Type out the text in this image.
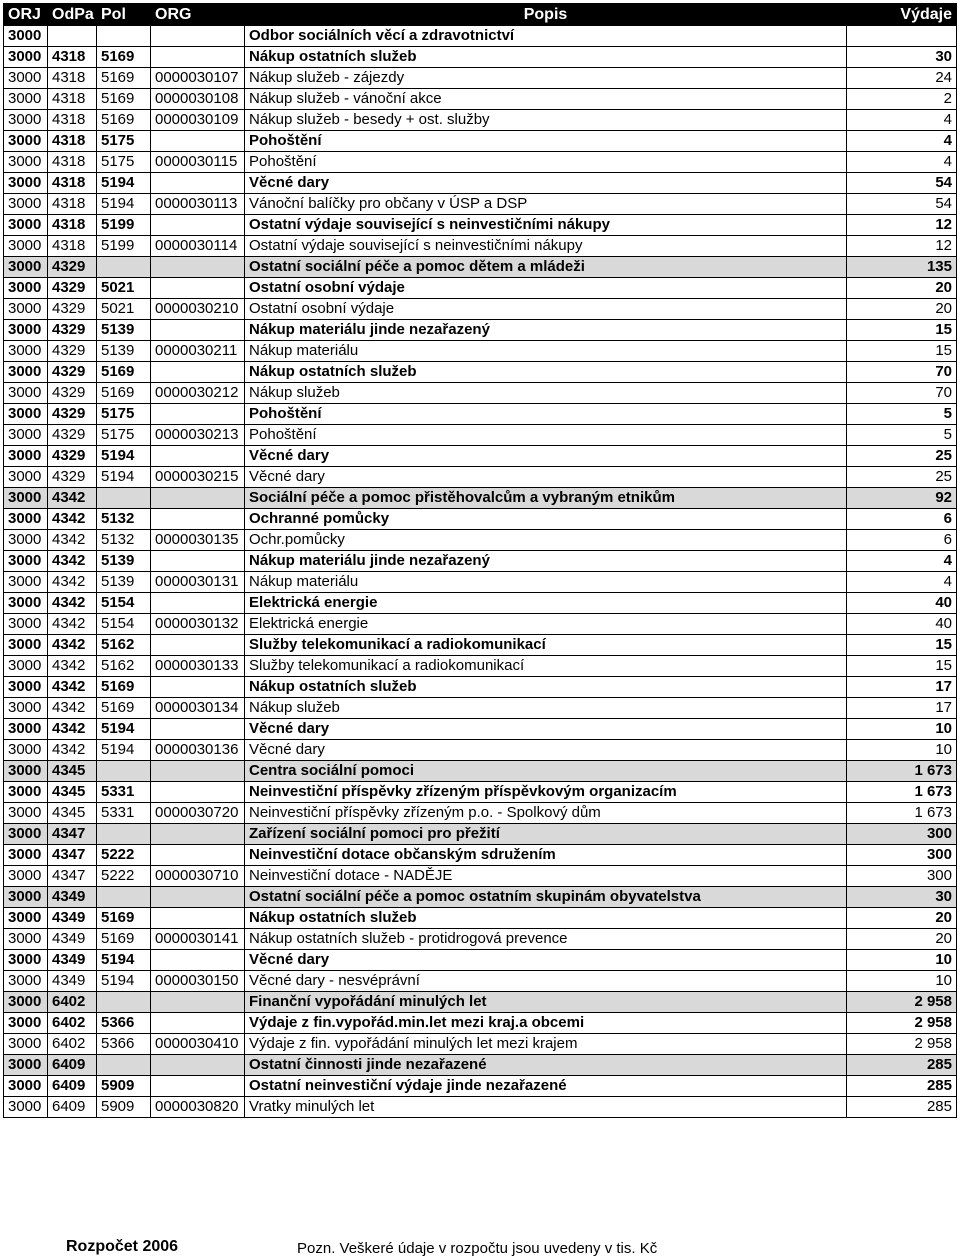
ORJ	OdPa	Pol	ORG	Popis	Výdaje
3000				Odbor sociálních věcí a zdravotnictví	
3000	4318	5169		Nákup ostatních služeb	30
3000	4318	5169	0000030107	Nákup služeb - zájezdy	24
3000	4318	5169	0000030108	Nákup služeb - vánoční akce	2
3000	4318	5169	0000030109	Nákup služeb - besedy + ost. služby	4
3000	4318	5175		Pohoštění	4
3000	4318	5175	0000030115	Pohoštění	4
3000	4318	5194		Věcné dary	54
3000	4318	5194	0000030113	Vánoční balíčky pro občany v ÚSP a DSP	54
3000	4318	5199		Ostatní výdaje související s neinvestičními nákupy	12
3000	4318	5199	0000030114	Ostatní výdaje související s neinvestičními nákupy	12
3000	4329			Ostatní sociální péče a pomoc dětem a mládeži	135
3000	4329	5021		Ostatní osobní výdaje	20
3000	4329	5021	0000030210	Ostatní osobní výdaje	20
3000	4329	5139		Nákup materiálu jinde nezařazený	15
3000	4329	5139	0000030211	Nákup materiálu	15
3000	4329	5169		Nákup ostatních služeb	70
3000	4329	5169	0000030212	Nákup služeb	70
3000	4329	5175		Pohoštění	5
3000	4329	5175	0000030213	Pohoštění	5
3000	4329	5194		Věcné dary	25
3000	4329	5194	0000030215	Věcné dary	25
3000	4342			Sociální péče a pomoc přistěhovalcům a vybraným etnikům	92
3000	4342	5132		Ochranné pomůcky	6
3000	4342	5132	0000030135	Ochr.pomůcky	6
3000	4342	5139		Nákup materiálu jinde nezařazený	4
3000	4342	5139	0000030131	Nákup materiálu	4
3000	4342	5154		Elektrická energie	40
3000	4342	5154	0000030132	Elektrická energie	40
3000	4342	5162		Služby telekomunikací a radiokomunikací	15
3000	4342	5162	0000030133	Služby telekomunikací a radiokomunikací	15
3000	4342	5169		Nákup ostatních služeb	17
3000	4342	5169	0000030134	Nákup služeb	17
3000	4342	5194		Věcné dary	10
3000	4342	5194	0000030136	Věcné dary	10
3000	4345			Centra sociální pomoci	1 673
3000	4345	5331		Neinvestiční příspěvky zřízeným příspěvkovým organizacím	1 673
3000	4345	5331	0000030720	Neinvestiční příspěvky zřízeným p.o. - Spolkový dům	1 673
3000	4347			Zařízení sociální pomoci pro přežití	300
3000	4347	5222		Neinvestiční dotace občanským sdružením	300
3000	4347	5222	0000030710	Neinvestiční dotace - NADĚJE	300
3000	4349			Ostatní sociální péče a pomoc ostatním skupinám obyvatelstva	30
3000	4349	5169		Nákup ostatních služeb	20
3000	4349	5169	0000030141	Nákup ostatních služeb - protidrogová prevence	20
3000	4349	5194		Věcné dary	10
3000	4349	5194	0000030150	Věcné dary - nesvéprávní	10
3000	6402			Finanční vypořádání minulých let	2 958
3000	6402	5366		Výdaje z fin.vypořád.min.let mezi kraj.a obcemi	2 958
3000	6402	5366	0000030410	Výdaje z fin. vypořádání minulých let mezi krajem	2 958
3000	6409			Ostatní činnosti jinde nezařazené	285
3000	6409	5909		Ostatní neinvestiční výdaje jinde nezařazené	285
3000	6409	5909	0000030820	Vratky minulých let	285
Rozpočet 2006	Pozn. Veškeré údaje v rozpočtu jsou uvedeny v tis. Kč
